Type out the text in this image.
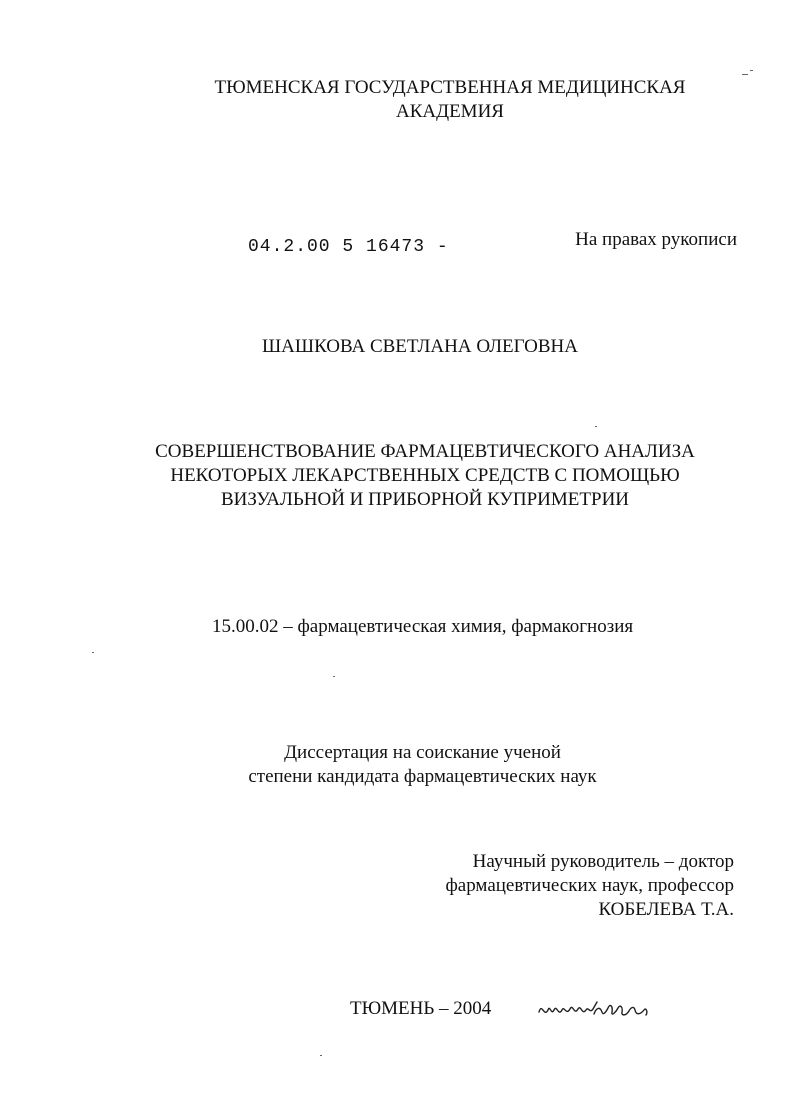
ТЮМЕНСКАЯ ГОСУДАРСТВЕННАЯ МЕДИЦИНСКАЯ
АКАДЕМИЯ
04.2.00 5 16473 -	На правах рукописи
ШАШКОВА СВЕТЛАНА ОЛЕГОВНА
СОВЕРШЕНСТВОВАНИЕ ФАРМАЦЕВТИЧЕСКОГО АНАЛИЗА
НЕКОТОРЫХ ЛЕКАРСТВЕННЫХ СРЕДСТВ С ПОМОЩЬЮ
ВИЗУАЛЬНОЙ И ПРИБОРНОЙ КУПРИМЕТРИИ
15.00.02 – фармацевтическая химия, фармакогнозия
Диссертация на соискание ученой
степени кандидата фармацевтических наук
Научный руководитель – доктор
фармацевтических наук, профессор
КОБЕЛЕВА Т.А.
ТЮМЕНЬ – 2004
